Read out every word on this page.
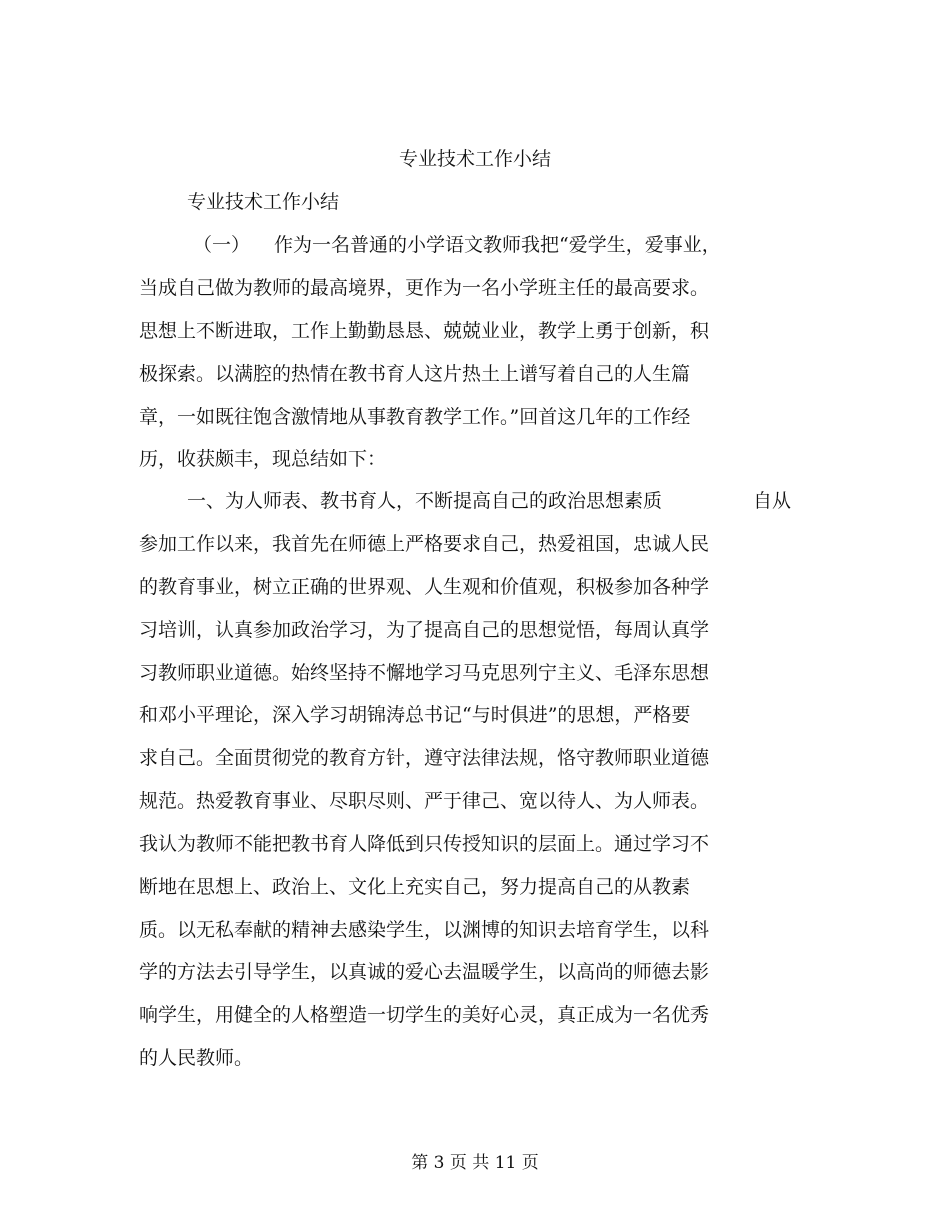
专业技术工作小结
专业技术工作小结
（一） 作为一名普通的小学语文教师我把“爱学生，爱事业，
当成自己做为教师的最高境界，更作为一名小学班主任的最高要求。
思想上不断进取，工作上勤勤恳恳、兢兢业业，教学上勇于创新，积
极探索。以满腔的热情在教书育人这片热土上谱写着自己的人生篇
章，一如既往饱含激情地从事教育教学工作。”回首这几年的工作经
历，收获颇丰，现总结如下：
一、为人师表、教书育人，不断提高自己的政治思想素质	自从
参加工作以来，我首先在师德上严格要求自己，热爱祖国，忠诚人民
的教育事业，树立正确的世界观、人生观和价值观，积极参加各种学
习培训，认真参加政治学习，为了提高自己的思想觉悟，每周认真学
习教师职业道德。始终坚持不懈地学习马克思列宁主义、毛泽东思想
和邓小平理论，深入学习胡锦涛总书记“与时俱进”的思想，严格要
求自己。全面贯彻党的教育方针，遵守法律法规，恪守教师职业道德
规范。热爱教育事业、尽职尽则、严于律己、宽以待人、为人师表。
我认为教师不能把教书育人降低到只传授知识的层面上。通过学习不
断地在思想上、政治上、文化上充实自己，努力提高自己的从教素
质。以无私奉献的精神去感染学生，以渊博的知识去培育学生，以科
学的方法去引导学生，以真诚的爱心去温暖学生，以高尚的师德去影
响学生，用健全的人格塑造一切学生的美好心灵，真正成为一名优秀
的人民教师。
第 3 页 共 11 页
